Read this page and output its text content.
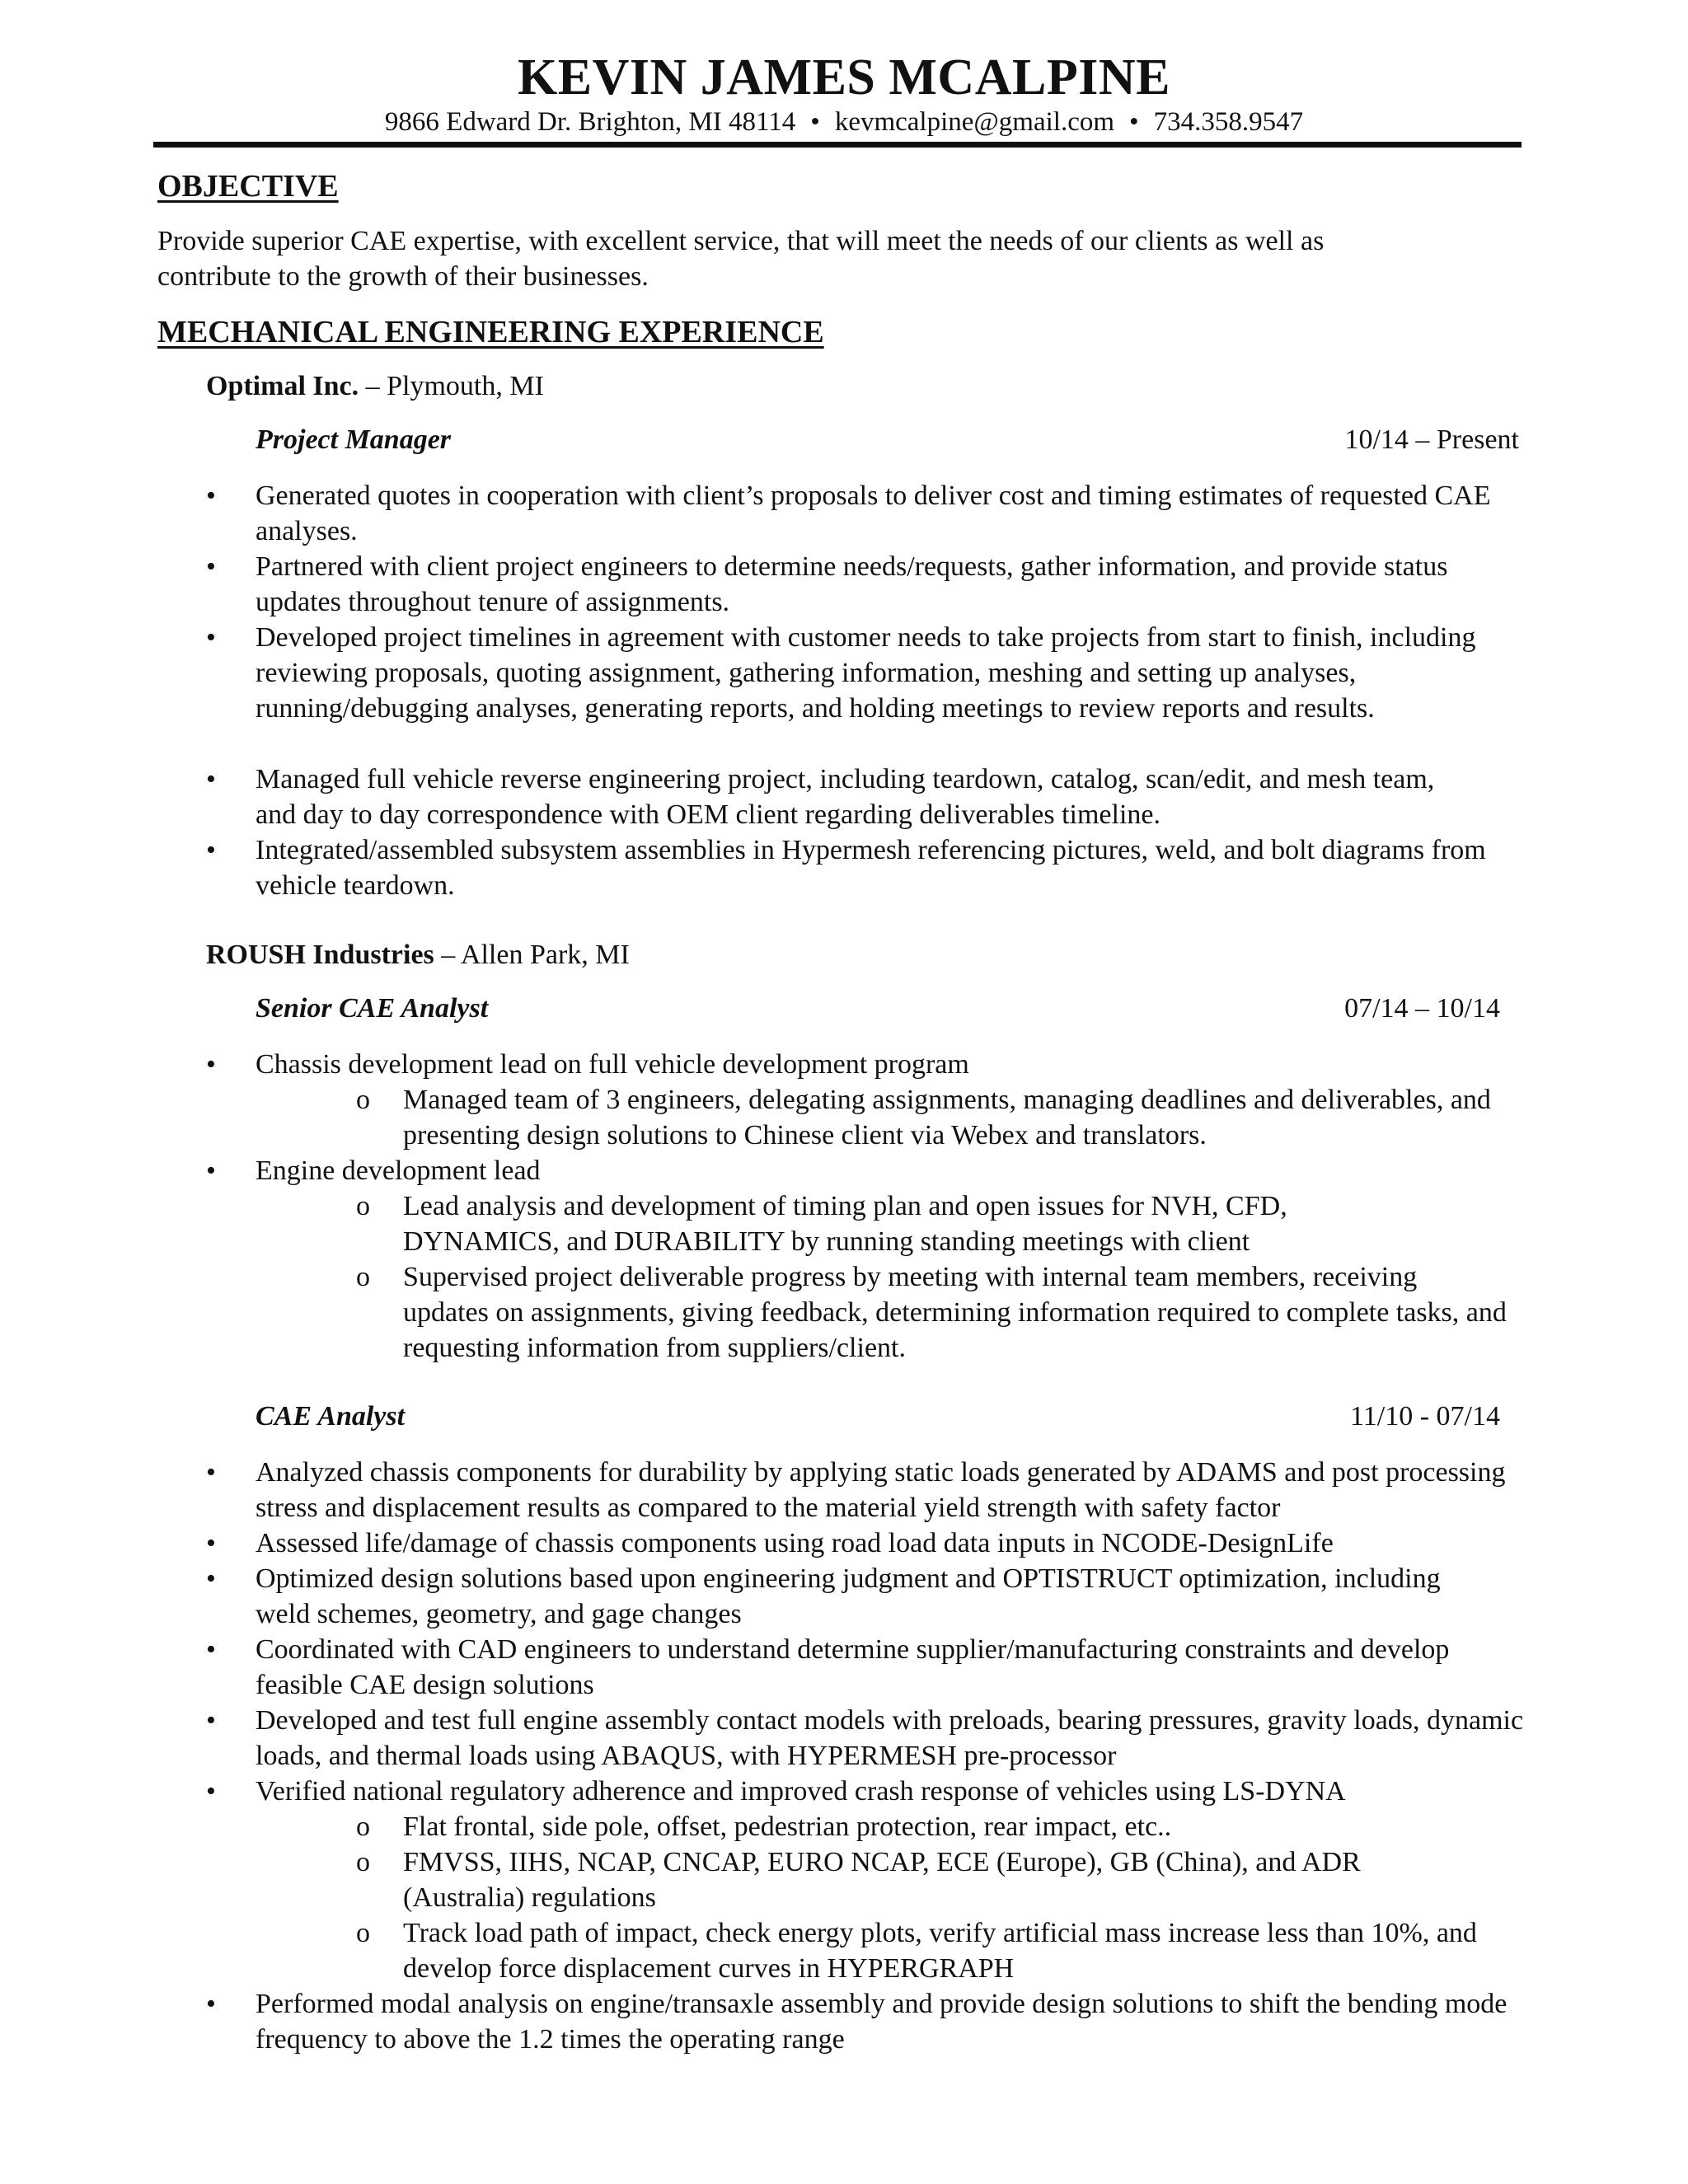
KEVIN JAMES MCALPINE
9866 Edward Dr. Brighton, MI 48114 • kevmcalpine@gmail.com • 734.358.9547
OBJECTIVE
Provide superior CAE expertise, with excellent service, that will meet the needs of our clients as well as contribute to the growth of their businesses.
MECHANICAL ENGINEERING EXPERIENCE
Optimal Inc. – Plymouth, MI
Project Manager	10/14 – Present
• Generated quotes in cooperation with client’s proposals to deliver cost and timing estimates of requested CAE analyses.
• Partnered with client project engineers to determine needs/requests, gather information, and provide status updates throughout tenure of assignments.
• Developed project timelines in agreement with customer needs to take projects from start to finish, including reviewing proposals, quoting assignment, gathering information, meshing and setting up analyses, running/debugging analyses, generating reports, and holding meetings to review reports and results.
• Managed full vehicle reverse engineering project, including teardown, catalog, scan/edit, and mesh team, and day to day correspondence with OEM client regarding deliverables timeline.
• Integrated/assembled subsystem assemblies in Hypermesh referencing pictures, weld, and bolt diagrams from vehicle teardown.
ROUSH Industries – Allen Park, MI
Senior CAE Analyst	07/14 – 10/14
• Chassis development lead on full vehicle development program
o Managed team of 3 engineers, delegating assignments, managing deadlines and deliverables, and presenting design solutions to Chinese client via Webex and translators.
• Engine development lead
o Lead analysis and development of timing plan and open issues for NVH, CFD, DYNAMICS, and DURABILITY by running standing meetings with client
o Supervised project deliverable progress by meeting with internal team members, receiving updates on assignments, giving feedback, determining information required to complete tasks, and requesting information from suppliers/client.
CAE Analyst	11/10 - 07/14
• Analyzed chassis components for durability by applying static loads generated by ADAMS and post processing stress and displacement results as compared to the material yield strength with safety factor
• Assessed life/damage of chassis components using road load data inputs in NCODE-DesignLife
• Optimized design solutions based upon engineering judgment and OPTISTRUCT optimization, including weld schemes, geometry, and gage changes
• Coordinated with CAD engineers to understand determine supplier/manufacturing constraints and develop feasible CAE design solutions
• Developed and test full engine assembly contact models with preloads, bearing pressures, gravity loads, dynamic loads, and thermal loads using ABAQUS, with HYPERMESH pre-processor
• Verified national regulatory adherence and improved crash response of vehicles using LS-DYNA
o Flat frontal, side pole, offset, pedestrian protection, rear impact, etc..
o FMVSS, IIHS, NCAP, CNCAP, EURO NCAP, ECE (Europe), GB (China), and ADR (Australia) regulations
o Track load path of impact, check energy plots, verify artificial mass increase less than 10%, and develop force displacement curves in HYPERGRAPH
• Performed modal analysis on engine/transaxle assembly and provide design solutions to shift the bending mode frequency to above the 1.2 times the operating range
